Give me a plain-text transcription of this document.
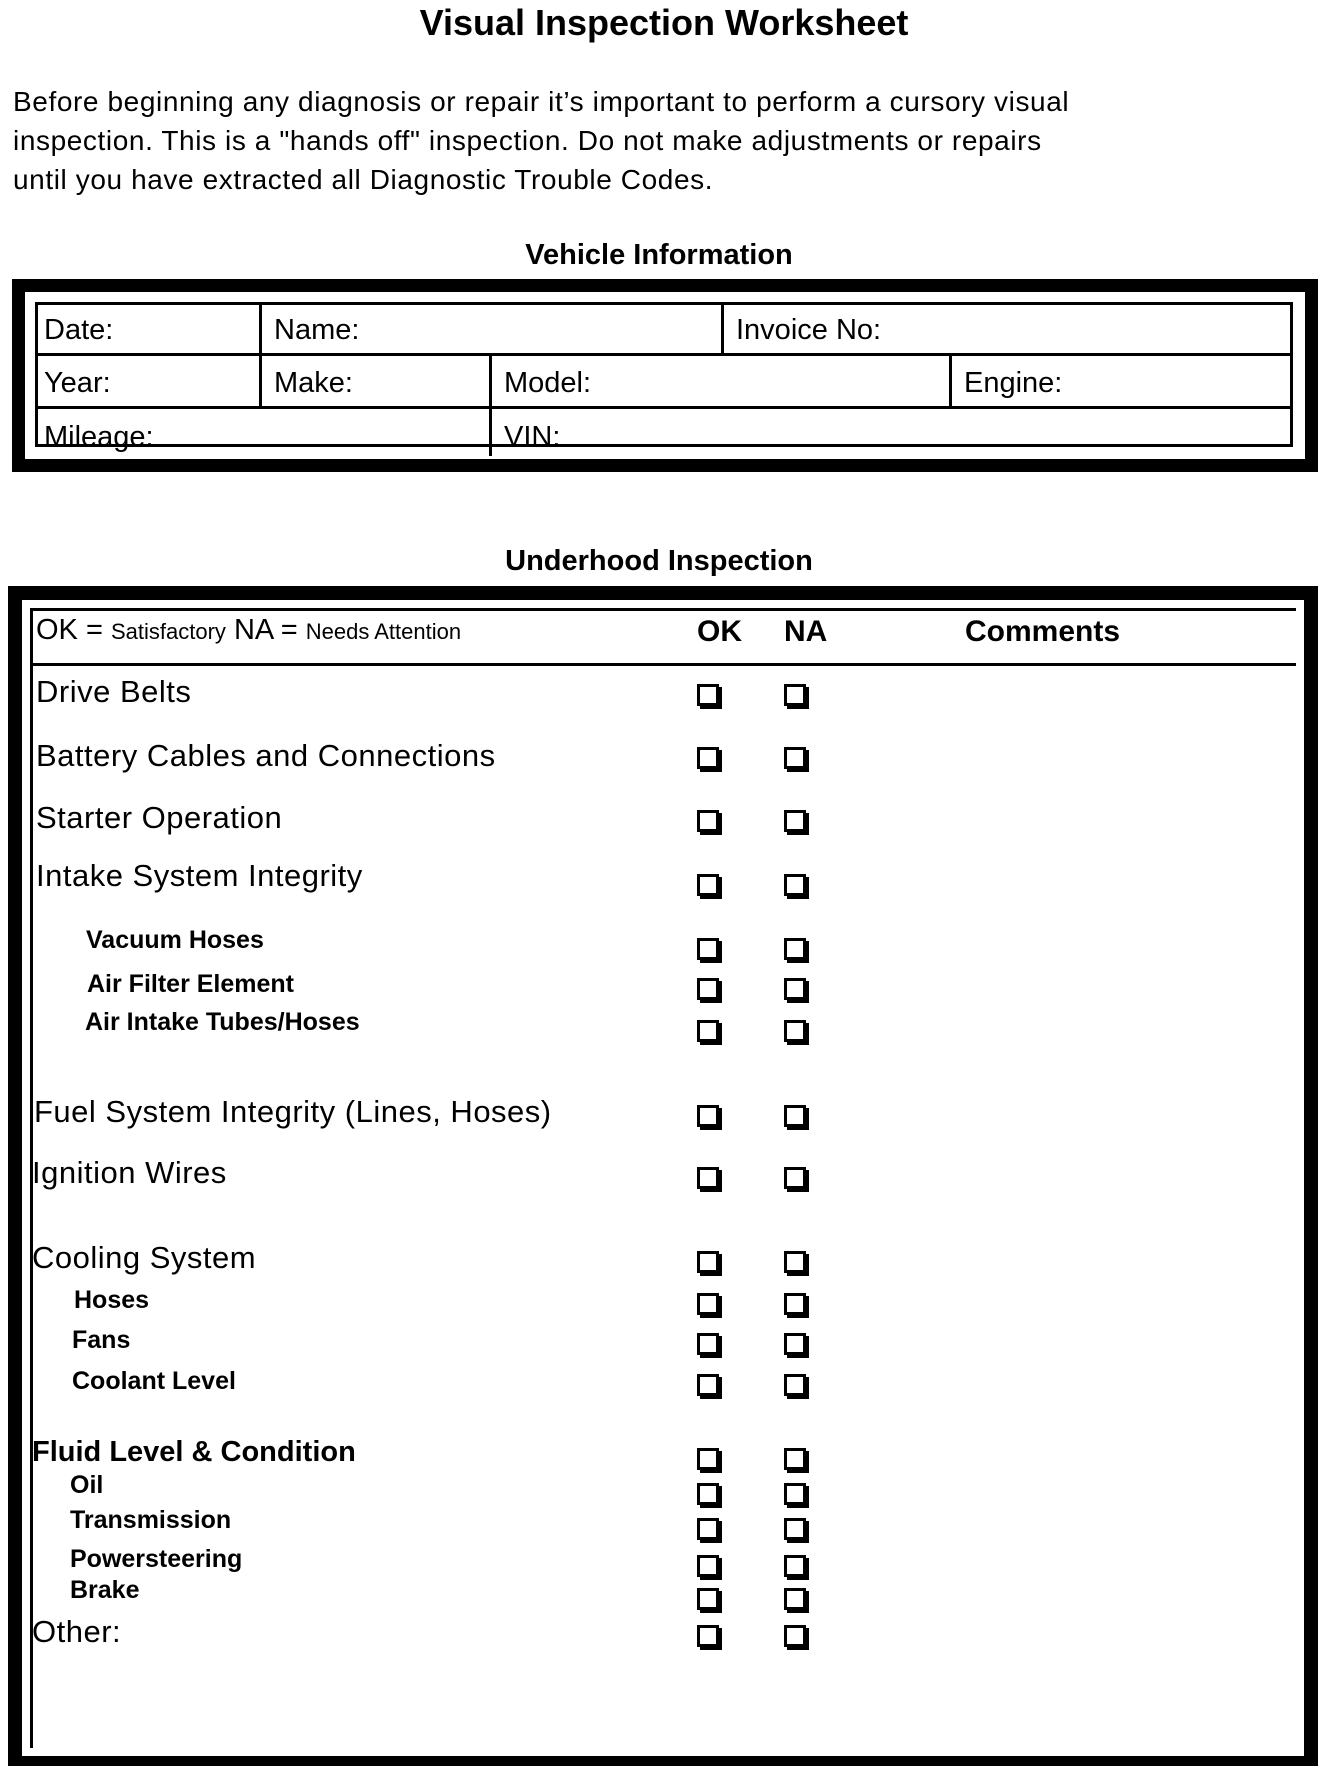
Visual Inspection Worksheet
Before beginning any diagnosis or repair it’s important to perform a cursory visual
inspection. This is a "hands off" inspection. Do not make adjustments or repairs
until you have extracted all Diagnostic Trouble Codes.
Vehicle Information
Date:	Name:	Invoice No:
Year:	Make:	Model:	Engine:
Mileage:	VIN:
Underhood Inspection
OK = Satisfactory NA = Needs Attention	OK NA	Comments
Drive Belts
Battery Cables and Connections
Starter Operation
Intake System Integrity
Vacuum Hoses
Air Filter Element
Air Intake Tubes/Hoses
Fuel System Integrity (Lines, Hoses)
Ignition Wires
Cooling System
Hoses
Fans
Coolant Level
Fluid Level & Condition
Oil
Transmission
Powersteering
Brake
Other:
